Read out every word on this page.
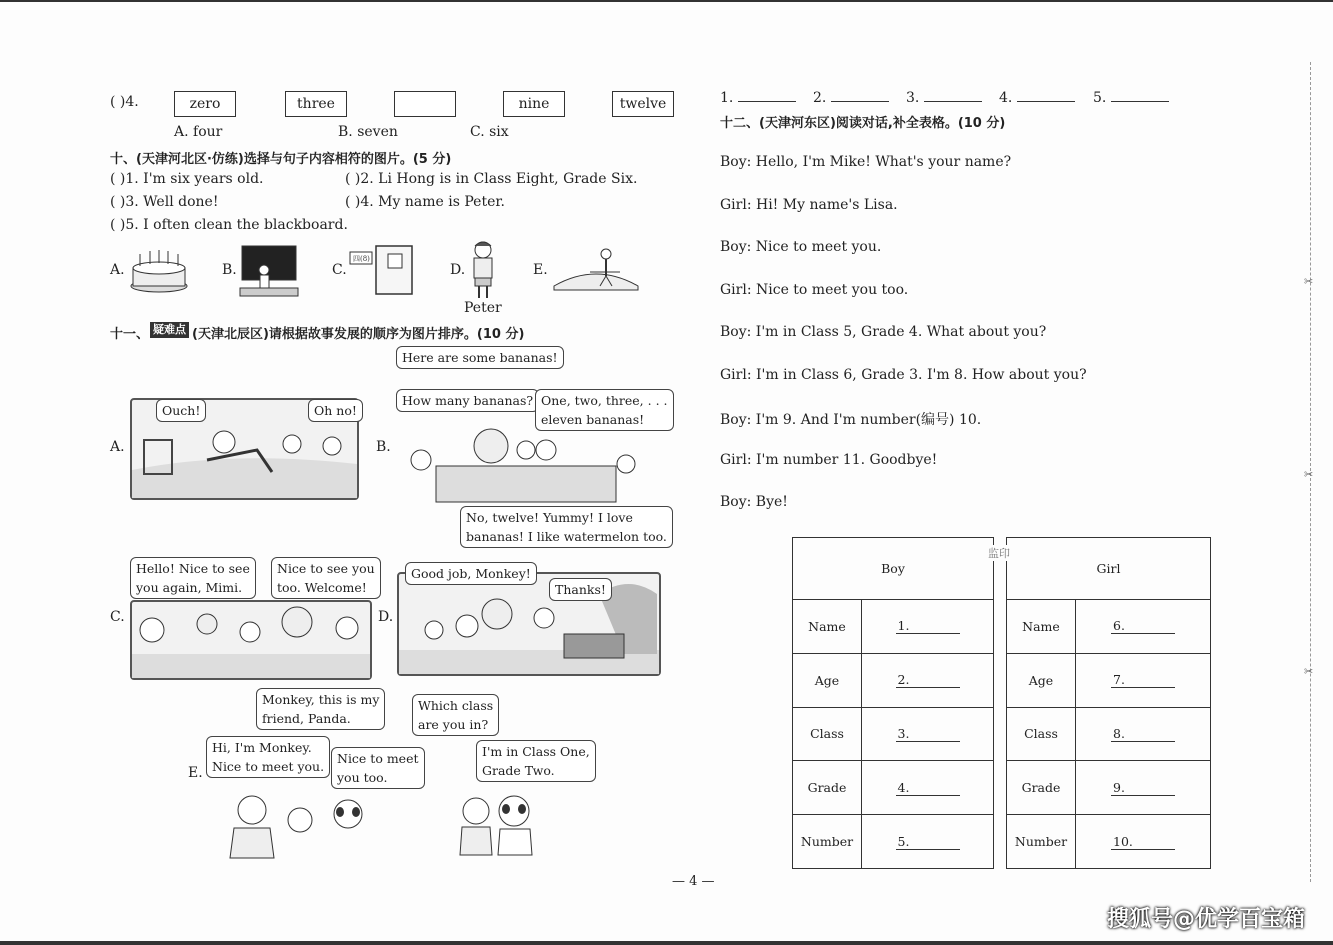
( )4.	zero	three	nine	twelve
A. four	B. seven	C. six
十、(天津河北区·仿练)选择与句子内容相符的图片。(5 分)
( )1. I'm six years old.	( )2. Li Hong is in Class Eight, Grade Six.
( )3. Well done!	( )4. My name is Peter.
( )5. I often clean the blackboard.
A.	B.	C.
四(8)
D.
Peter
E.
十一、 疑难点 (天津北辰区)请根据故事发展的顺序为图片排序。(10 分)
A.
Ouch!	Oh no!
B.
Here are some bananas!
How many bananas? One, two, three, . . .
eleven bananas!
No, twelve! Yummy! I love
bananas! I like watermelon too.
C.
Hello! Nice to see
you again, Mimi.
Nice to see you
too. Welcome!
D.
Good job, Monkey!
Thanks!
E.
Monkey, this is my
friend, Panda.
Hi, I'm Monkey.
Nice to meet you.
Nice to meet
you too.
Which class
are you in?
I'm in Class One,
Grade Two.
1.	2.	3.	4.	5.
十二、(天津河东区)阅读对话,补全表格。(10 分)
Boy: Hello, I'm Mike! What's your name?
Girl: Hi! My name's Lisa.
Boy: Nice to meet you.
Girl: Nice to meet you too.
Boy: I'm in Class 5, Grade 4. What about you?
Girl: I'm in Class 6, Grade 3. I'm 8. How about you?
Boy: I'm 9. And I'm number(编号) 10.
Girl: I'm number 11. Goodbye!
Boy: Bye!
Boy	
Name	1.
Age	2.
Class	3.
Grade	4.
Number	5.
Girl	
Name	6.
Age	7.
Class	8.
Grade	9.
Number	10.
监印
✂
✂
✂
— 4 —
搜狐号@优学百宝箱
